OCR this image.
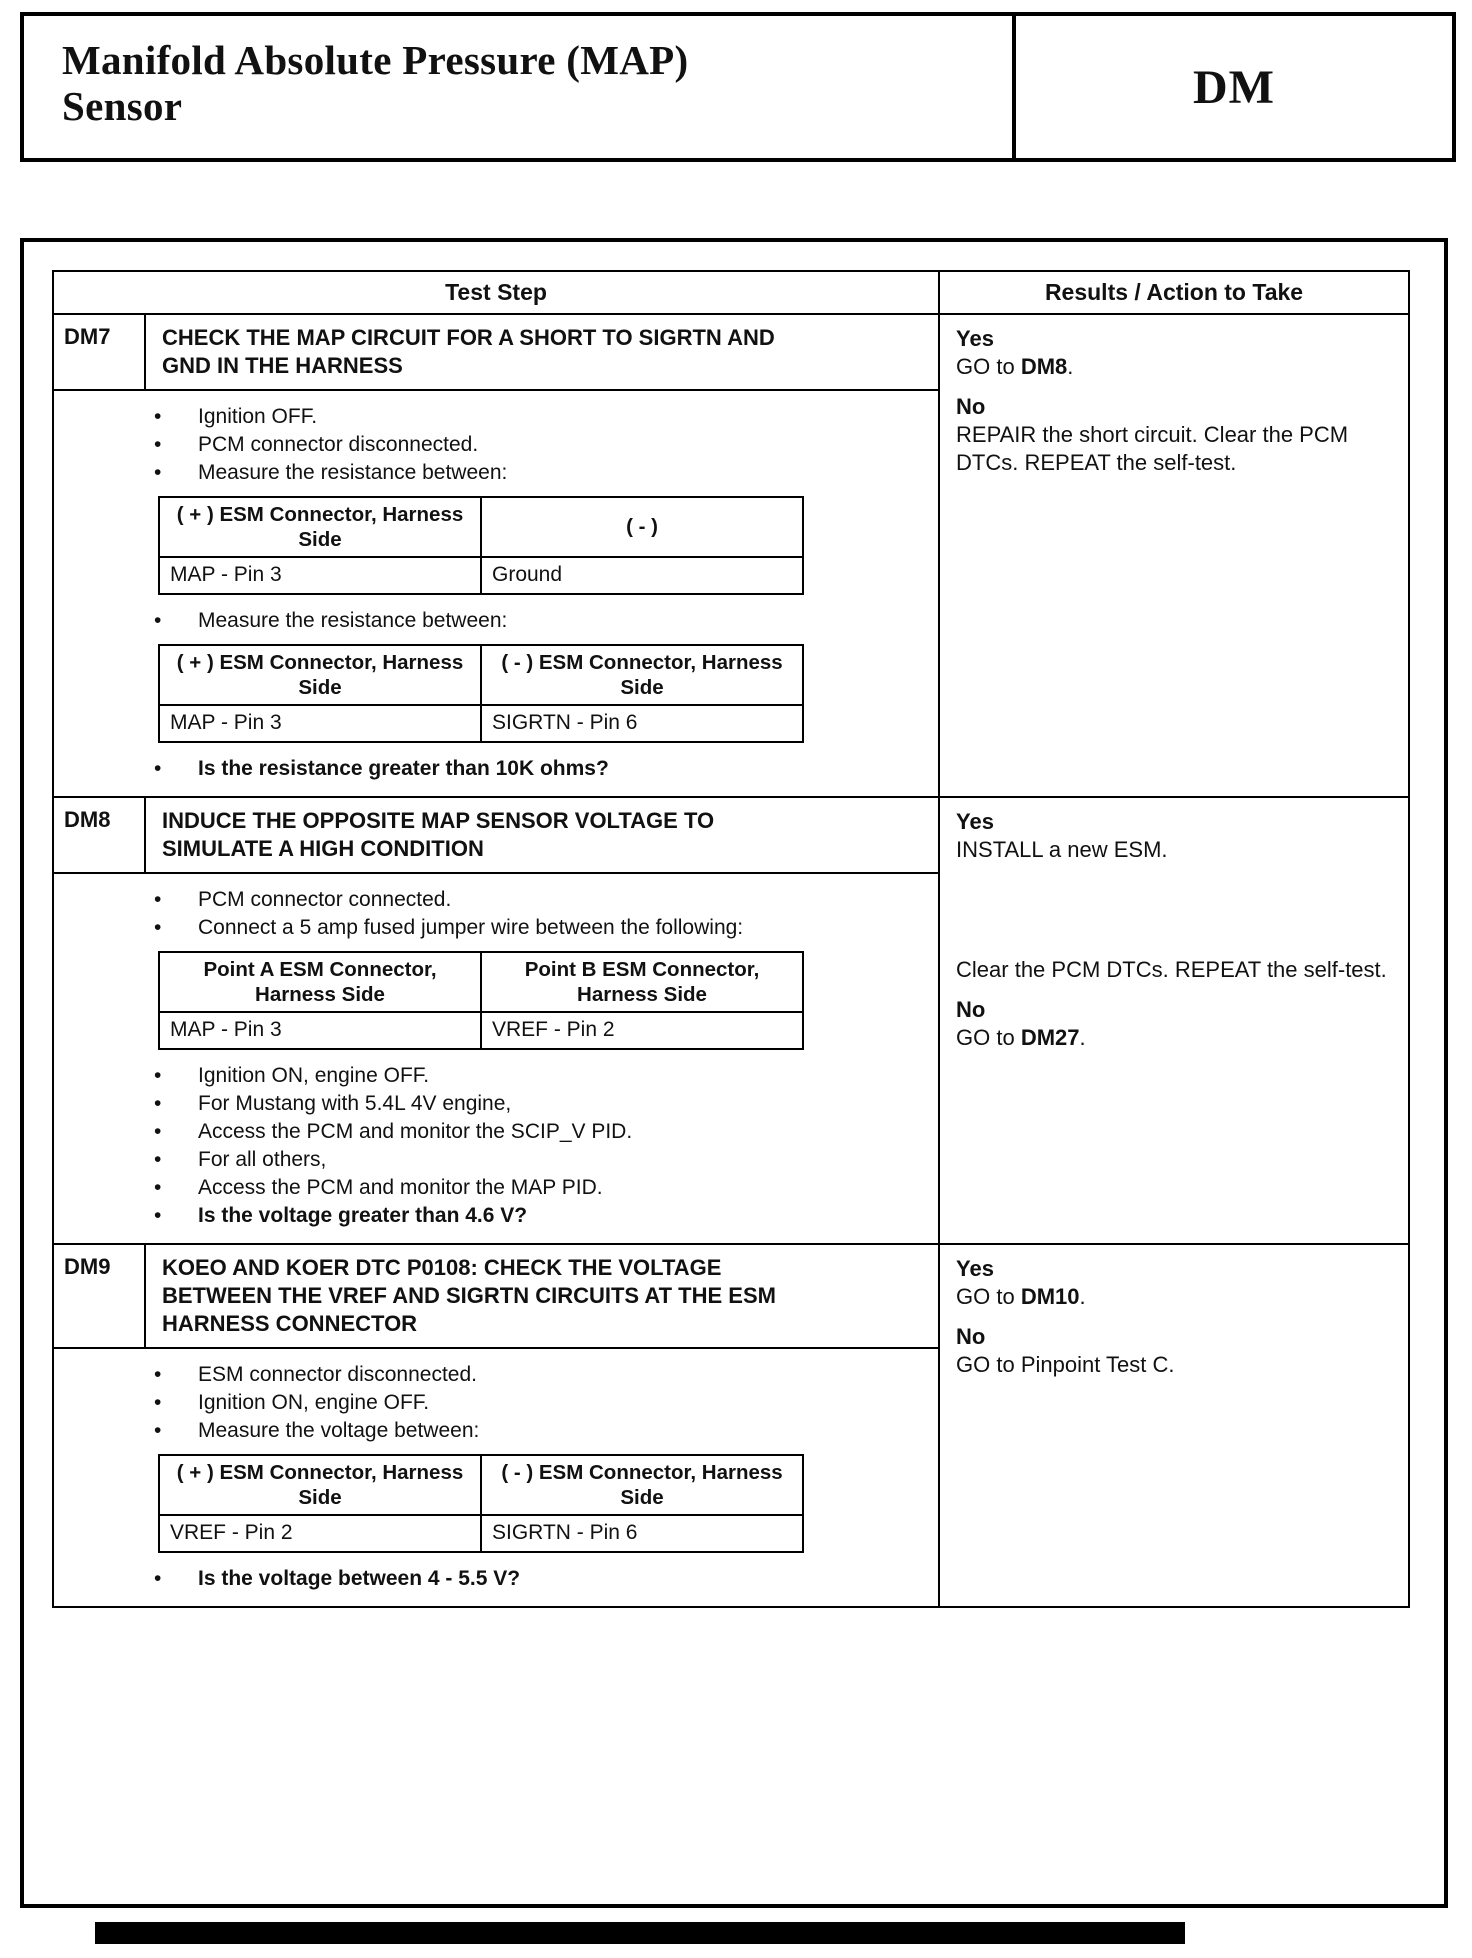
Manifold Absolute Pressure (MAP) Sensor	DM
Test Step	Results / Action to Take
DM7	CHECK THE MAP CIRCUIT FOR A SHORT TO SIGRTN AND GND IN THE HARNESS

Yes
GO to DM8.
No
REPAIR the short circuit. Clear the PCM DTCs. REPEAT the self-test.

•	Ignition OFF.
•	PCM connector disconnected.
•	Measure the resistance between:
( + ) ESM Connector, Harness Side	( - )
MAP - Pin 3	Ground
•	Measure the resistance between:
( + ) ESM Connector, Harness Side	( - ) ESM Connector, Harness Side
MAP - Pin 3	SIGRTN - Pin 6
•	Is the resistance greater than 10K ohms?

DM8	INDUCE THE OPPOSITE MAP SENSOR VOLTAGE TO SIMULATE A HIGH CONDITION

Yes
INSTALL a new ESM.
Clear the PCM DTCs. REPEAT the self-test.
No
GO to DM27.

•	PCM connector connected.
•	Connect a 5 amp fused jumper wire between the following:
Point A ESM Connector, Harness Side	Point B ESM Connector, Harness Side
MAP - Pin 3	VREF - Pin 2
•	Ignition ON, engine OFF.
•	For Mustang with 5.4L 4V engine,
•	Access the PCM and monitor the SCIP_V PID.
•	For all others,
•	Access the PCM and monitor the MAP PID.
•	Is the voltage greater than 4.6 V?

DM9	KOEO AND KOER DTC P0108: CHECK THE VOLTAGE BETWEEN THE VREF AND SIGRTN CIRCUITS AT THE ESM HARNESS CONNECTOR

Yes
GO to DM10.
No
GO to Pinpoint Test C.

•	ESM connector disconnected.
•	Ignition ON, engine OFF.
•	Measure the voltage between:
( + ) ESM Connector, Harness Side	( - ) ESM Connector, Harness Side
VREF - Pin 2	SIGRTN - Pin 6
•	Is the voltage between 4 - 5.5 V?
